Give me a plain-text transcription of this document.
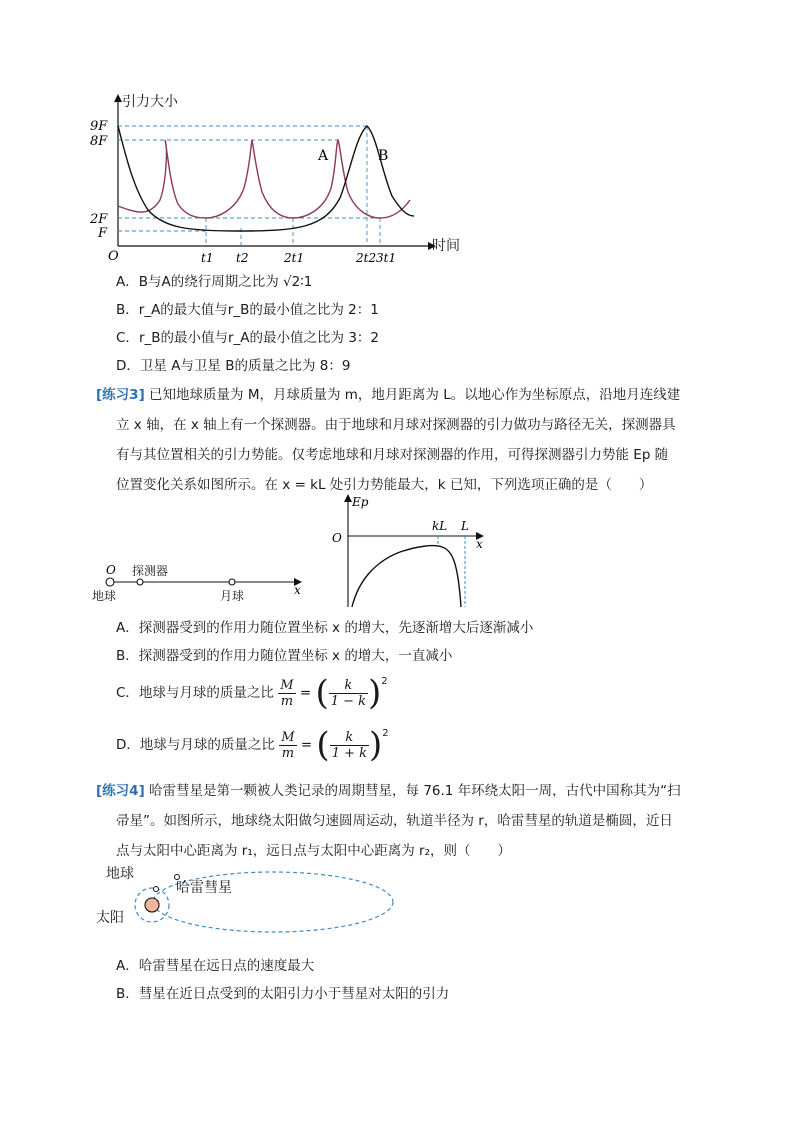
9F
8F
2F
F
O	t1 t2	2t1	2t2 3t1
A	B
引力大小
时间
A．B与A的绕行周期之比为 √2∶1
B．r_A的最大值与r_B的最小值之比为 2：1
C．r_B的最小值与r_A的最小值之比为 3：2
D．卫星 A与卫星 B的质量之比为 8：9
[练习3] 已知地球质量为 M，月球质量为 m，地月距离为 L。以地心作为坐标原点，沿地月连线建
立 x 轴，在 x 轴上有一个探测器。由于地球和月球对探测器的引力做功与路径无关，探测器具
有与其位置相关的引力势能。仅考虑地球和月球对探测器的作用，可得探测器引力势能 Ep 随
位置变化关系如图所示。在 x = kL 处引力势能最大，k 已知，下列选项正确的是（　　）
O
x
探测器
地球	月球
O
Ep
kL L
x
A．探测器受到的作用力随位置坐标 x 的增大，先逐渐增大后逐渐减小
B．探测器受到的作用力随位置坐标 x 的增大，一直减小
C．地球与月球的质量之比 $\frac{M}{m}$ = ( $\frac{k}{1 - k} )2$
D．地球与月球的质量之比 $\frac{M}{m}$ = ( $\frac{k}{1 + k} )2$
[练习4] 哈雷彗星是第一颗被人类记录的周期彗星，每 76.1 年环绕太阳一周，古代中国称其为“扫
帚星”。如图所示，地球绕太阳做匀速圆周运动，轨道半径为 r，哈雷彗星的轨道是椭圆，近日
点与太阳中心距离为 r₁，远日点与太阳中心距离为 r₂，则（　　）
地球
哈雷彗星
太阳
A．哈雷彗星在远日点的速度最大
B．彗星在近日点受到的太阳引力小于彗星对太阳的引力
